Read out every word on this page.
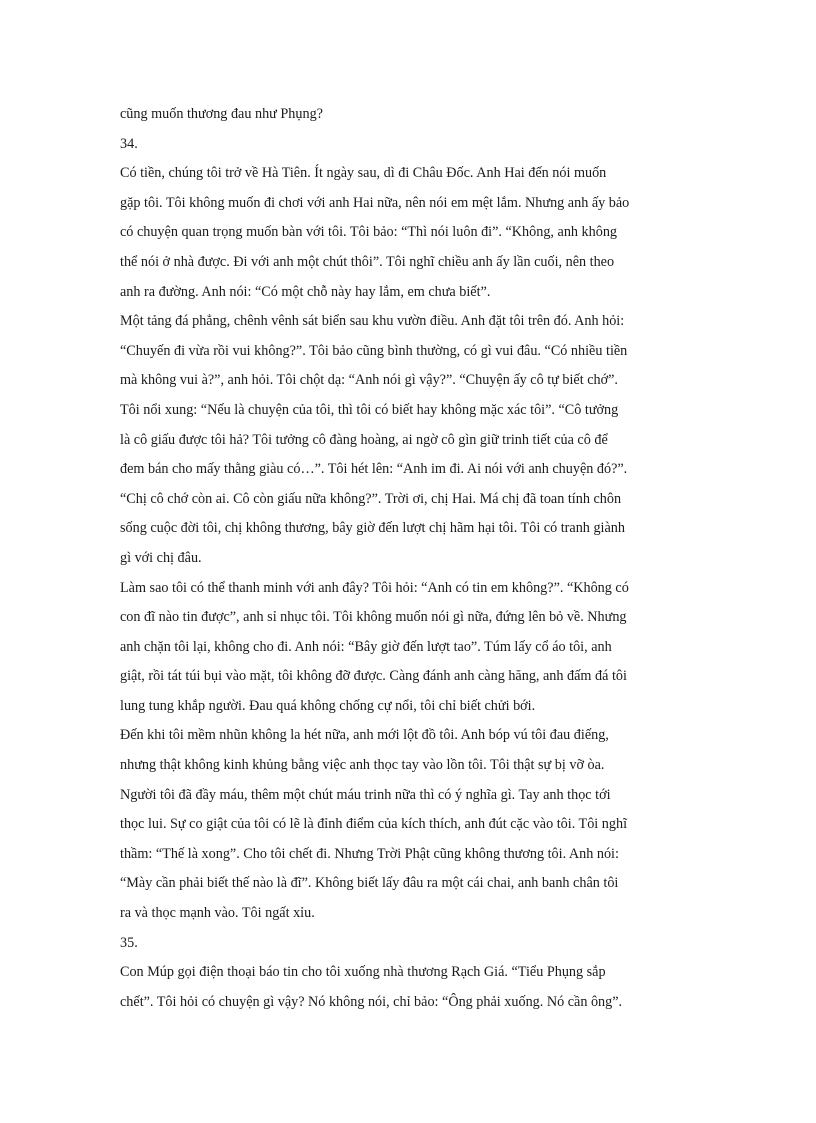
cũng muốn thương đau như Phụng?
34.
Có tiền, chúng tôi trở về Hà Tiên. Ít ngày sau, dì đi Châu Đốc. Anh Hai đến nói muốn
gặp tôi. Tôi không muốn đi chơi với anh Hai nữa, nên nói em mệt lắm. Nhưng anh ấy bảo
có chuyện quan trọng muốn bàn với tôi. Tôi bảo: “Thì nói luôn đi”. “Không, anh không
thể nói ở nhà được. Đi với anh một chút thôi”. Tôi nghĩ chiều anh ấy lần cuối, nên theo
anh ra đường. Anh nói: “Có một chỗ này hay lắm, em chưa biết”.
Một tảng đá phẳng, chênh vênh sát biển sau khu vườn điều. Anh đặt tôi trên đó. Anh hỏi:
“Chuyến đi vừa rồi vui không?”. Tôi bảo cũng bình thường, có gì vui đâu. “Có nhiều tiền
mà không vui à?”, anh hỏi. Tôi chột dạ: “Anh nói gì vậy?”. “Chuyện ấy cô tự biết chớ”.
Tôi nổi xung: “Nếu là chuyện của tôi, thì tôi có biết hay không mặc xác tôi”. “Cô tưởng
là cô giấu được tôi hả? Tôi tưởng cô đàng hoàng, ai ngờ cô gìn giữ trinh tiết của cô để
đem bán cho mấy thằng giàu có…”. Tôi hét lên: “Anh im đi. Ai nói với anh chuyện đó?”.
“Chị cô chớ còn ai. Cô còn giấu nữa không?”. Trời ơi, chị Hai. Má chị đã toan tính chôn
sống cuộc đời tôi, chị không thương, bây giờ đến lượt chị hãm hại tôi. Tôi có tranh giành
gì với chị đâu.
Làm sao tôi có thể thanh minh với anh đây? Tôi hỏi: “Anh có tin em không?”. “Không có
con đĩ nào tin được”, anh sỉ nhục tôi. Tôi không muốn nói gì nữa, đứng lên bỏ về. Nhưng
anh chặn tôi lại, không cho đi. Anh nói: “Bây giờ đến lượt tao”. Túm lấy cổ áo tôi, anh
giật, rồi tát túi bụi vào mặt, tôi không đỡ được. Càng đánh anh càng hăng, anh đấm đá tôi
lung tung khắp người. Đau quá không chống cự nổi, tôi chỉ biết chửi bới.
Đến khi tôi mềm nhũn không la hét nữa, anh mới lột đồ tôi. Anh bóp vú tôi đau điếng,
nhưng thật không kinh khủng bằng việc anh thọc tay vào lồn tôi. Tôi thật sự bị vỡ òa.
Người tôi đã đầy máu, thêm một chút máu trinh nữa thì có ý nghĩa gì. Tay anh thọc tới
thọc lui. Sự co giật của tôi có lẽ là đỉnh điểm của kích thích, anh đút cặc vào tôi. Tôi nghĩ
thầm: “Thế là xong”. Cho tôi chết đi. Nhưng Trời Phật cũng không thương tôi. Anh nói:
“Mày cần phải biết thế nào là đĩ”. Không biết lấy đâu ra một cái chai, anh banh chân tôi
ra và thọc mạnh vào. Tôi ngất xỉu.
35.
Con Múp gọi điện thoại báo tin cho tôi xuống nhà thương Rạch Giá. “Tiểu Phụng sắp
chết”. Tôi hỏi có chuyện gì vậy? Nó không nói, chỉ bảo: “Ông phải xuống. Nó cần ông”.
